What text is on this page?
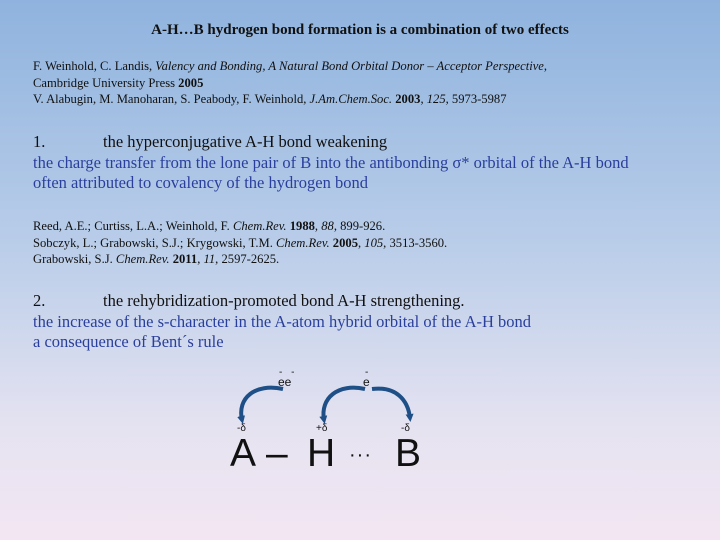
A-H…B hydrogen bond formation is a combination of two effects
F. Weinhold, C. Landis, Valency and Bonding, A Natural Bond Orbital Donor – Acceptor Perspective,
Cambridge University Press 2005
V. Alabugin, M. Manoharan, S. Peabody, F. Weinhold, J.Am.Chem.Soc. 2003, 125, 5973-5987
1.	the hyperconjugative A-H bond weakening
the charge transfer from the lone pair of B into the antibonding σ* orbital of the A-H bond
often attributed to covalency of the hydrogen bond
Reed, A.E.; Curtiss, L.A.; Weinhold, F. Chem.Rev. 1988, 88, 899-926.
Sobczyk, L.; Grabowski, S.J.; Krygowski, T.M. Chem.Rev. 2005, 105, 3513-3560.
Grabowski, S.J. Chem.Rev. 2011, 11, 2597-2625.
2.	the rehybridization-promoted bond A-H strengthening.
the increase of the s-character in the A-atom hybrid orbital of the A-H bond
a consequence of Bent´s rule
- -
ee
-
e
-δ	+δ	-δ
A – H ··· B
